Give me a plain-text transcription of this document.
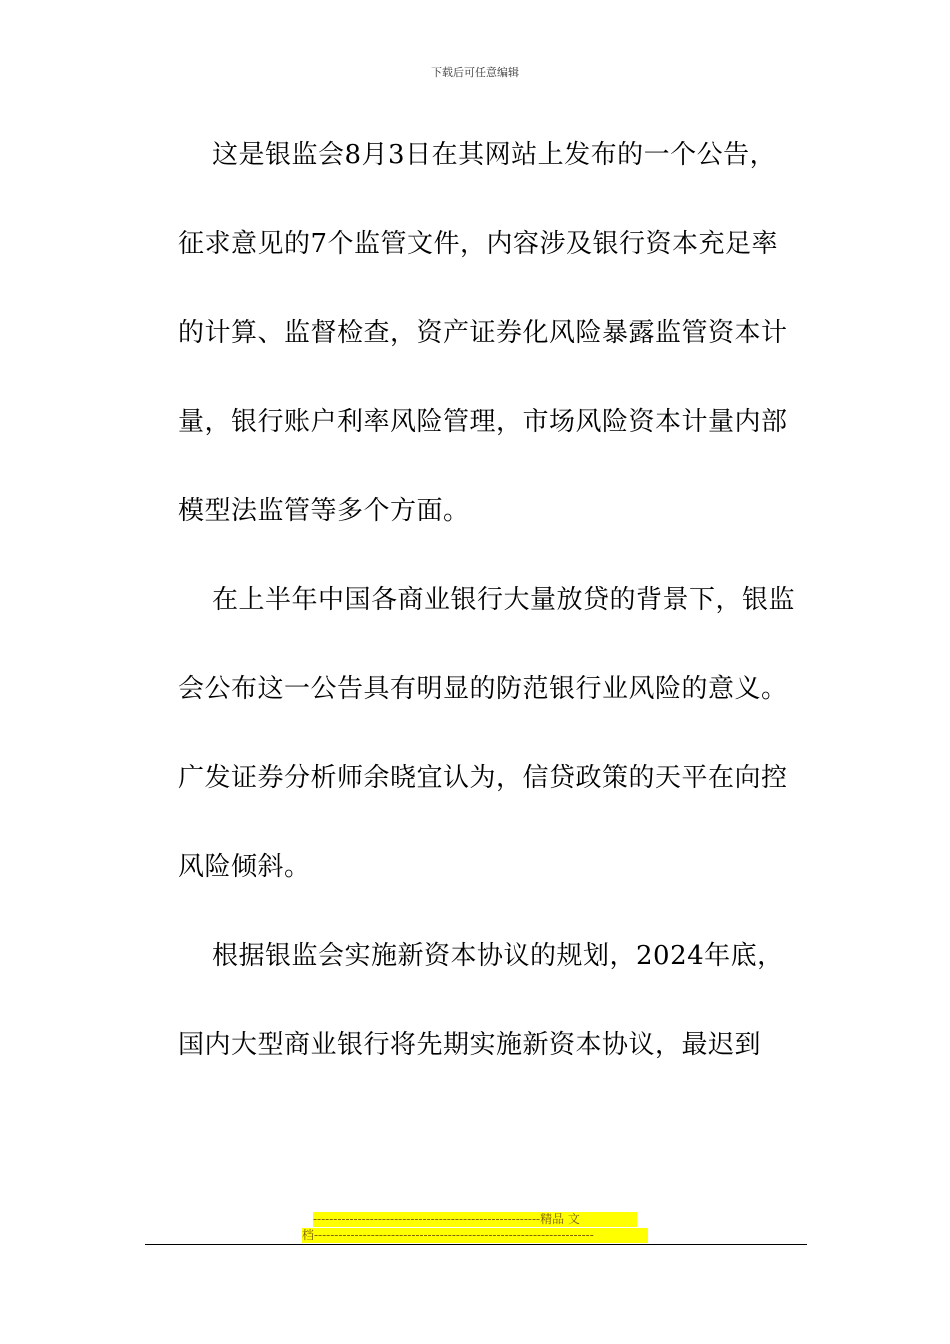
下载后可任意编辑
这是银监会8月3日在其网站上发布的一个公告，
征求意见的7个监管文件，内容涉及银行资本充足率
的计算、监督检查，资产证券化风险暴露监管资本计
量，银行账户利率风险管理，市场风险资本计量内部
模型法监管等多个方面。
在上半年中国各商业银行大量放贷的背景下，银监
会公布这一公告具有明显的防范银行业风险的意义。
广发证券分析师余晓宜认为，信贷政策的天平在向控
风险倾斜。
根据银监会实施新资本协议的规划，2024年底，
国内大型商业银行将先期实施新资本协议，最迟到
--------------------------------------------------------精品 文
档---------------------------------------------------------------------
